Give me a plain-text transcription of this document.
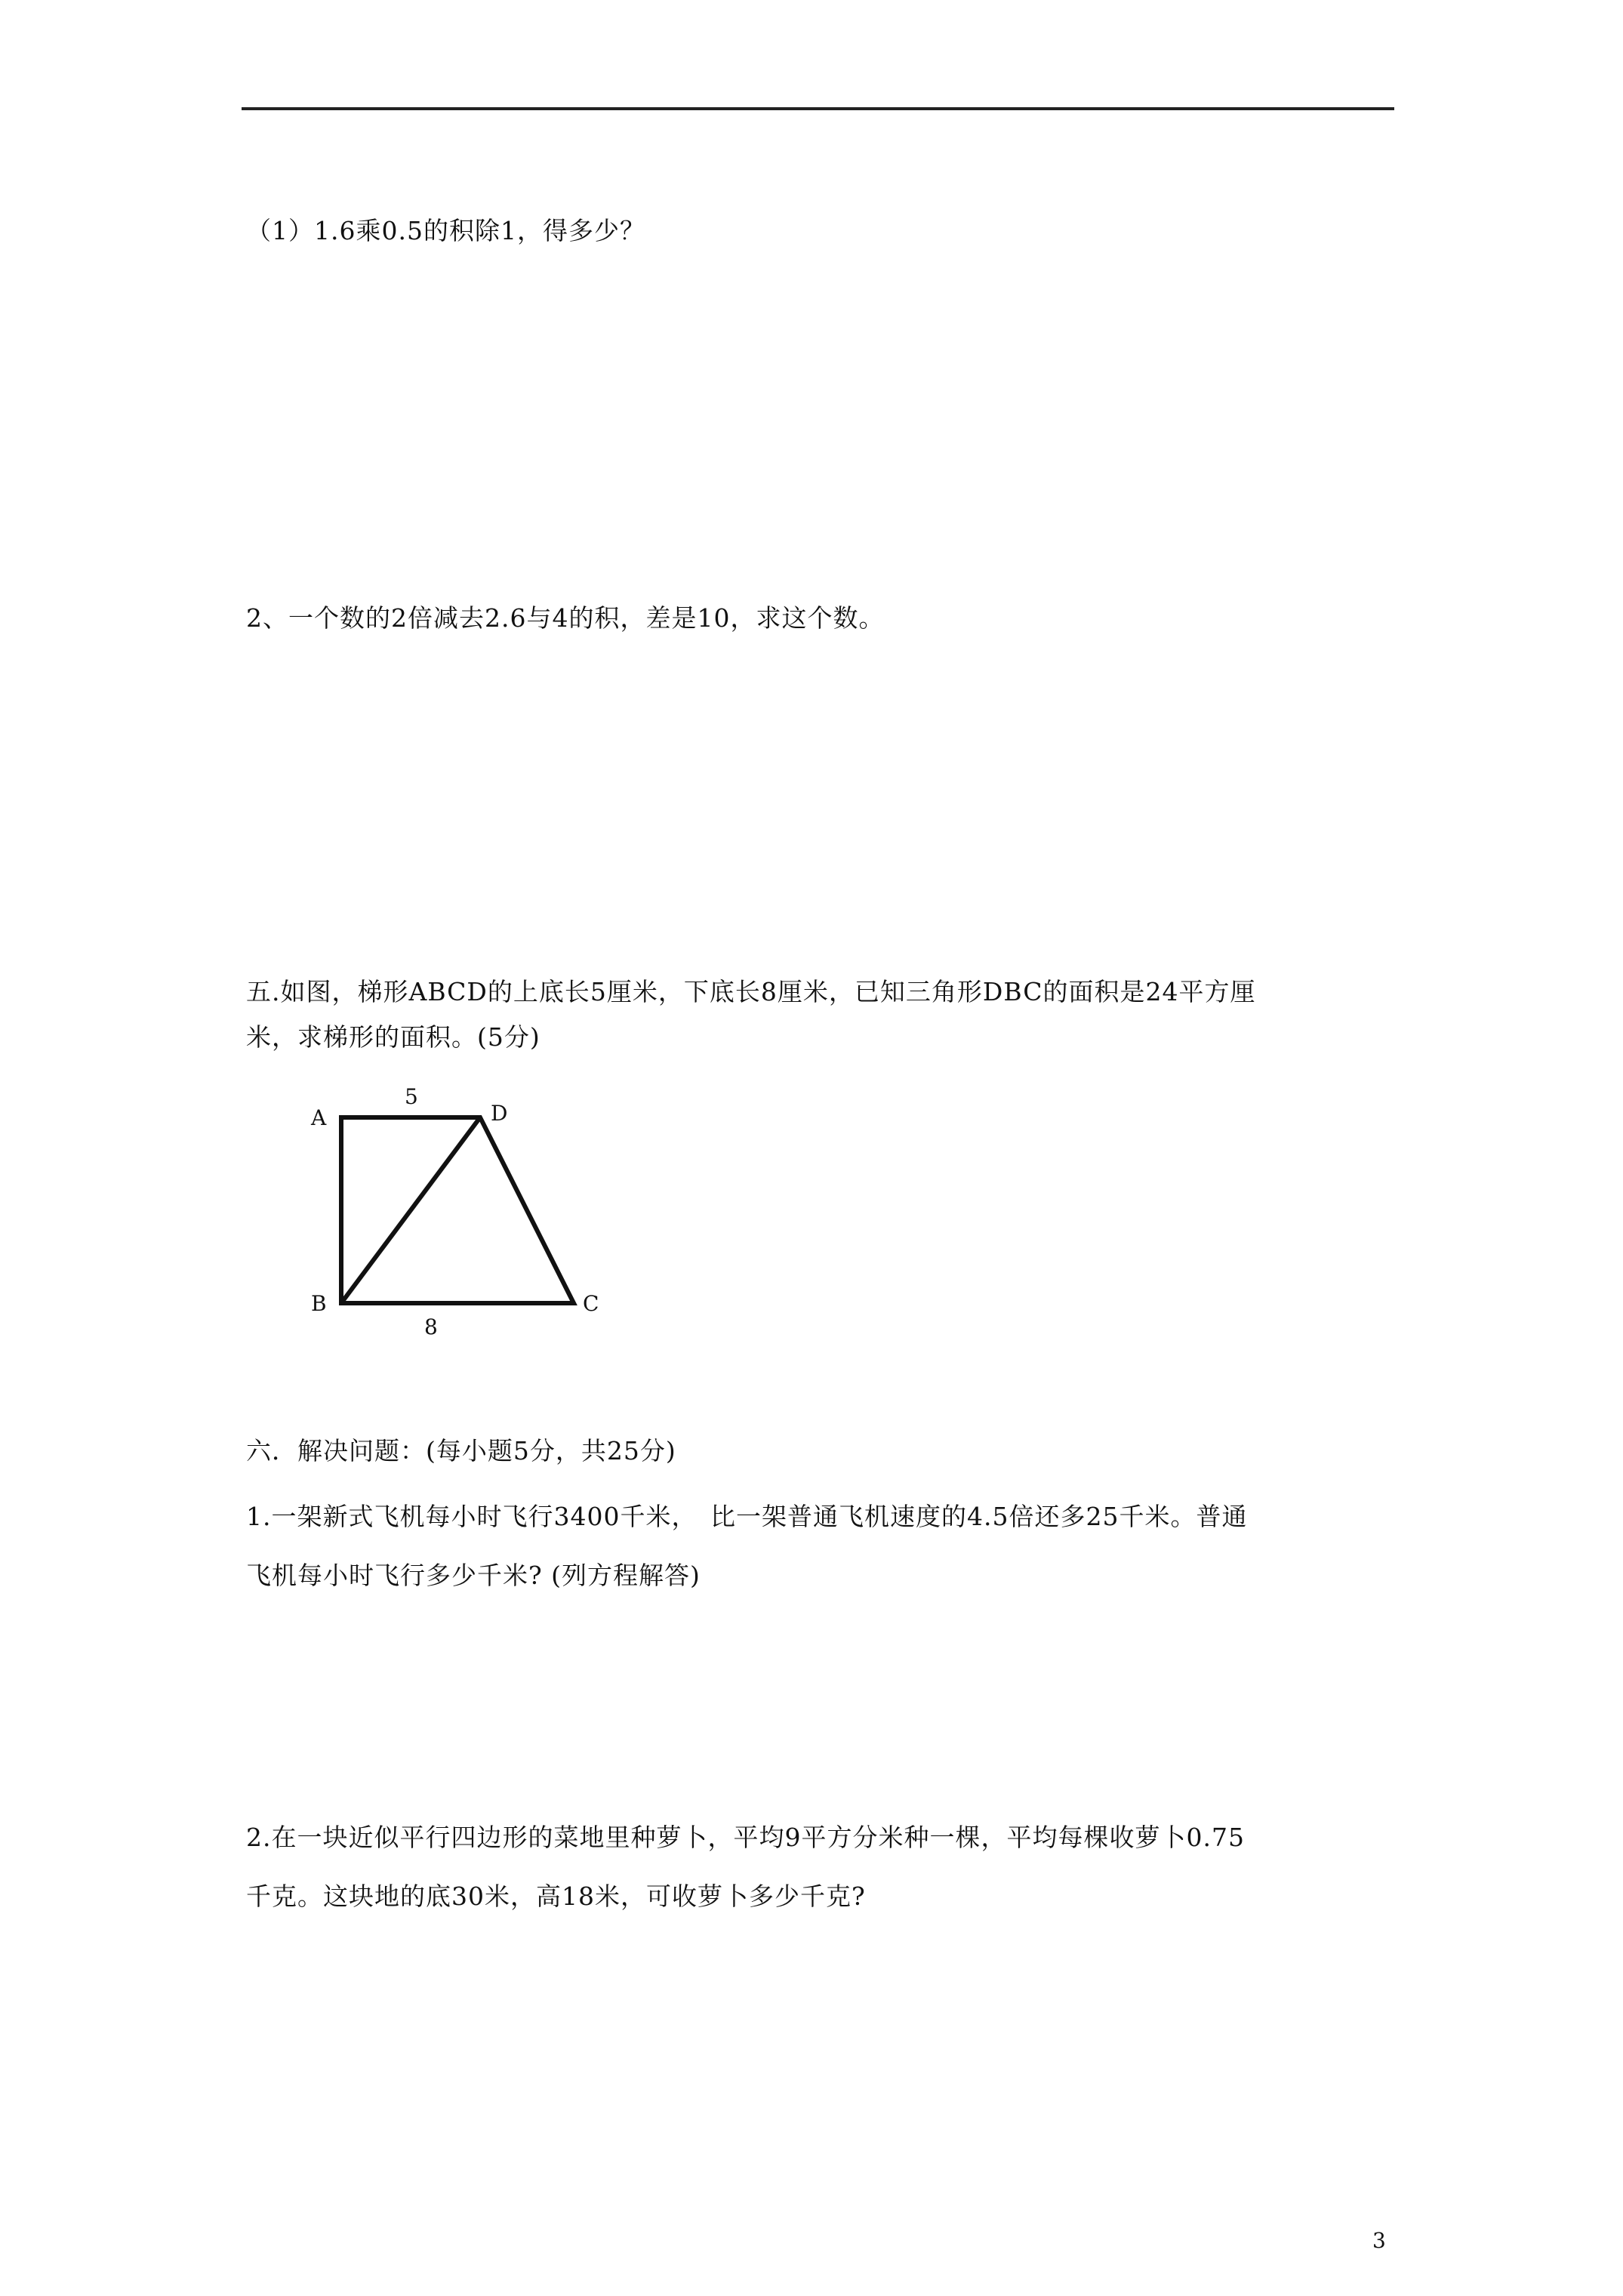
（1）1.6乘0.5的积除1，得多少？
2、一个数的2倍减去2.6与4的积，差是10，求这个数。
五.如图，梯形ABCD的上底长5厘米，下底长8厘米，已知三角形DBC的面积是24平方厘
米，求梯形的面积。(5分)
A
B	C
D
5
8
六．解决问题：(每小题5分，共25分)
1.一架新式飞机每小时飞行3400千米，　比一架普通飞机速度的4.5倍还多25千米。普通
飞机每小时飞行多少千米? (列方程解答)
2.在一块近似平行四边形的菜地里种萝卜，平均9平方分米种一棵，平均每棵收萝卜0.75
千克。这块地的底30米，高18米，可收萝卜多少千克?
3
